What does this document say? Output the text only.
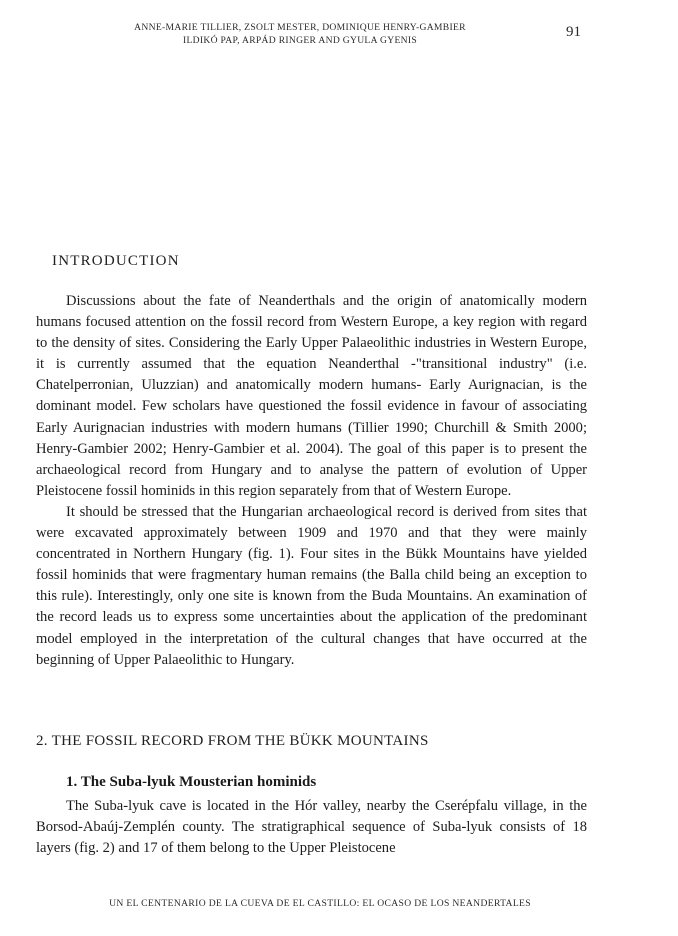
ANNE-MARIE TILLIER, ZSOLT MESTER, DOMINIQUE HENRY-GAMBIER
ILDIKÓ PAP, ARPÁD RINGER AND GYULA GYENIS	91
INTRODUCTION

Discussions about the fate of Neanderthals and the origin of anatomically modern humans focused attention on the fossil record from Western Europe, a key region with regard to the density of sites. Considering the Early Upper Palaeolithic industries in Western Europe, it is currently assumed that the equation Neanderthal -"transitional industry" (i.e. Chatelperronian, Uluzzian) and anatomically modern humans- Early Aurignacian, is the dominant model. Few scholars have questioned the fossil evidence in favour of associating Early Aurignacian industries with modern humans (Tillier 1990; Churchill & Smith 2000; Henry-Gambier 2002; Henry-Gambier et al. 2004). The goal of this paper is to present the archaeological record from Hungary and to analyse the pattern of evolution of Upper Pleistocene fossil hominids in this region separately from that of Western Europe.

It should be stressed that the Hungarian archaeological record is derived from sites that were excavated approximately between 1909 and 1970 and that they were mainly concentrated in Northern Hungary (fig. 1). Four sites in the Bükk Mountains have yielded fossil hominids that were fragmentary human remains (the Balla child being an exception to this rule). Interestingly, only one site is known from the Buda Mountains. An examination of the record leads us to express some uncertainties about the application of the predominant model employed in the interpretation of the cultural changes that have occurred at the beginning of Upper Palaeolithic to Hungary.

2. THE FOSSIL RECORD FROM THE BÜKK MOUNTAINS
1. The Suba-lyuk Mousterian hominids

The Suba-lyuk cave is located in the Hór valley, nearby the Cserépfalu village, in the Borsod-Abaúj-Zemplén county. The stratigraphical sequence of Suba-lyuk consists of 18 layers (fig. 2) and 17 of them belong to the Upper Pleistocene

UN EL CENTENARIO DE LA CUEVA DE EL CASTILLO: EL OCASO DE LOS NEANDERTALES
